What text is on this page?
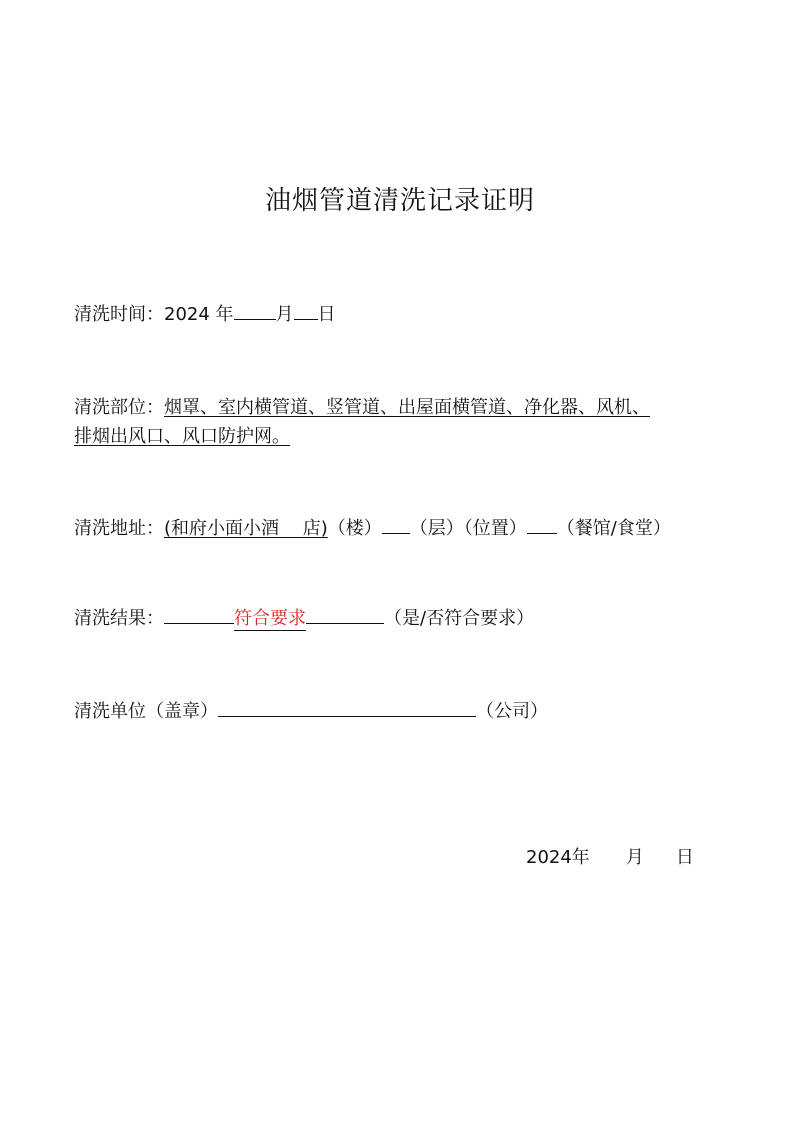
油烟管道清洗记录证明
清洗时间：2024 年 月 日
清洗部位：烟罩、室内横管道、竖管道、出屋面横管道、净化器、风机、
排烟出风口、风口防护网。
清洗地址：(和府小面小酒　 店)（楼） （层）（位置） （餐馆/食堂）
清洗结果：	符合要求	（是/否符合要求）
清洗单位（盖章）	（公司）
2024年 月 日
